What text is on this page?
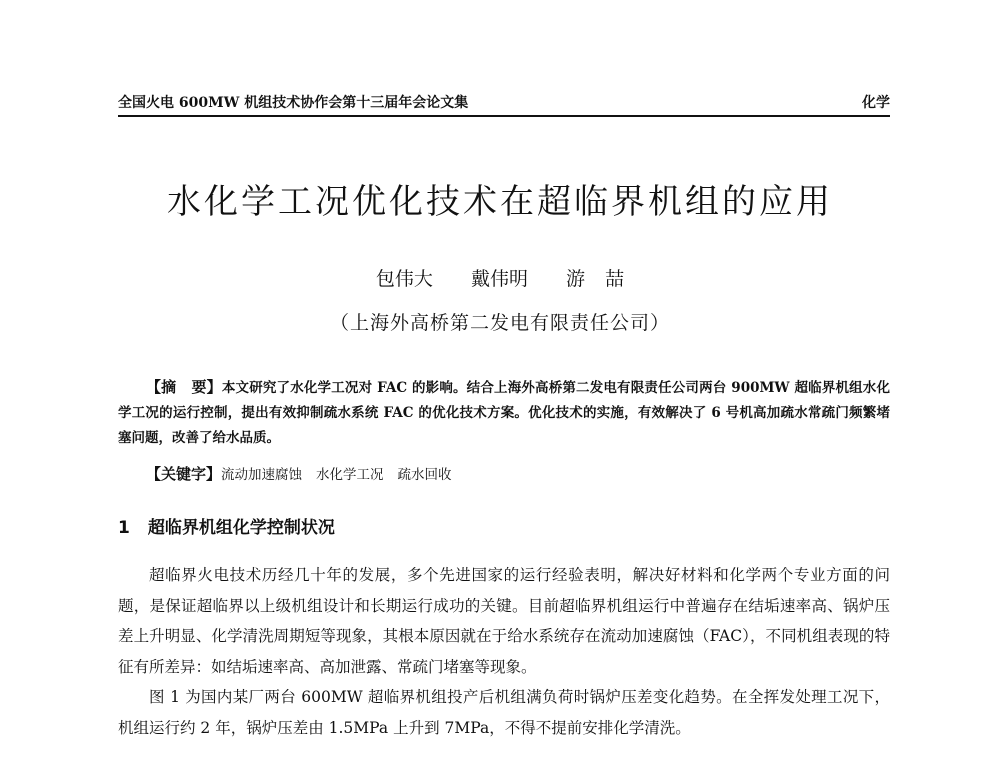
全国火电 600MW 机组技术协作会第十三届年会论文集	化学
水化学工况优化技术在超临界机组的应用
包伟大 戴伟明 游 喆
（上海外高桥第二发电有限责任公司）

【摘　要】本文研究了水化学工况对 FAC 的影响。结合上海外高桥第二发电有限责任公司两台 900MW 超临界机组水化学工况的运行控制，提出有效抑制疏水系统 FAC 的优化技术方案。优化技术的实施，有效解决了 6 号机高加疏水常疏门频繁堵塞问题，改善了给水品质。

【关键字】流动加速腐蚀 水化学工况 疏水回收

1 超临界机组化学控制状况

超临界火电技术历经几十年的发展，多个先进国家的运行经验表明，解决好材料和化学两个专业方面的问题，是保证超临界以上级机组设计和长期运行成功的关键。目前超临界机组运行中普遍存在结垢速率高、锅炉压差上升明显、化学清洗周期短等现象，其根本原因就在于给水系统存在流动加速腐蚀（FAC），不同机组表现的特征有所差异：如结垢速率高、高加泄露、常疏门堵塞等现象。

图 1 为国内某厂两台 600MW 超临界机组投产后机组满负荷时锅炉压差变化趋势。在全挥发处理工况下，机组运行约 2 年，锅炉压差由 1.5MPa 上升到 7MPa，不得不提前安排化学清洗。
